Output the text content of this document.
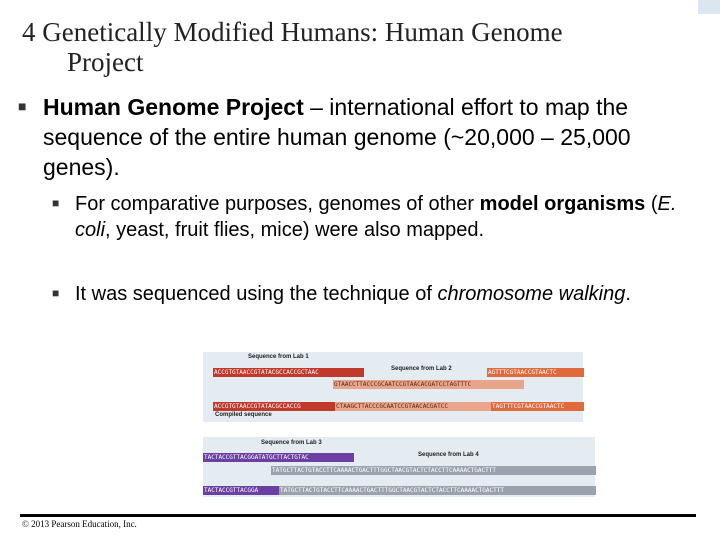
4 Genetically Modified Humans: Human Genome
Project
■ Human Genome Project – international effort to map the sequence of the entire human genome (~20,000 – 25,000 genes).
■ For comparative purposes, genomes of other model organisms (E. coli, yeast, fruit flies, mice) were also mapped.
■ It was sequenced using the technique of chromosome walking.
Sequence from Lab 1
Sequence from Lab 2
ACCGTGTAACCGTATACGCCACCGCTAAC	AGTTTCGTAACCGTAACTC
GTAACCTTACCCGCAATCCGTAACACGATCCTAGTTTC
ACCGTGTAACCGTATACGCCACCG	CTAAGCTTACCCGCAATCCGTAACACGATCC	TAGTTTCGTAACCGTAACTC
Compiled sequence
Sequence from Lab 3
Sequence from Lab 4
TACTACCGTTACGGATATGCTTACTGTAC
TATGCTTACTGTACCTTCAAAACTGACTTTGGCTAACGTACTCTACCTTCAAAACTGACTTT
TACTACCGTTACGGA	TATGCTTACTGTACCTTCAAAACTGACTTTGGCTAACGTACTCTACCTTCAAAACTGACTTT
© 2013 Pearson Education, Inc.
